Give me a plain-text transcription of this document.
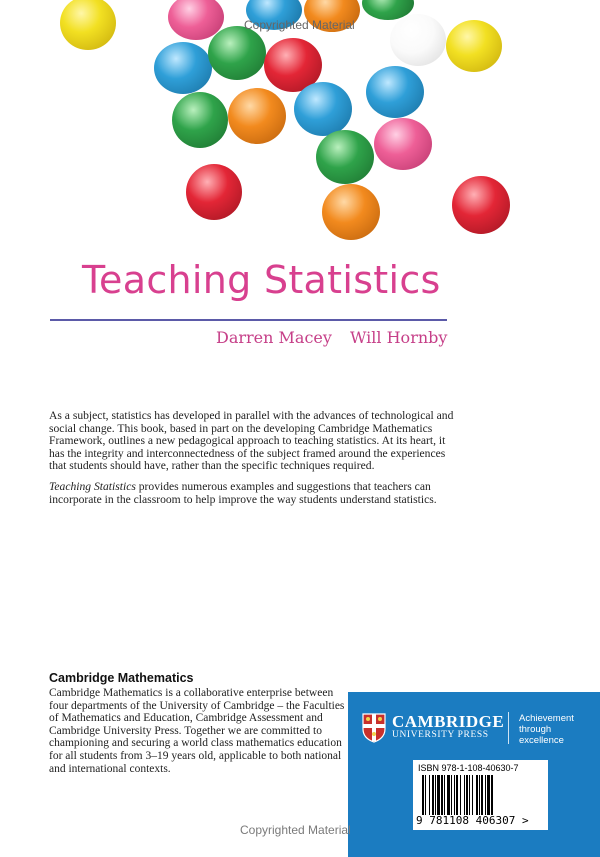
Copyrighted Material
Teaching Statistics
Darren Macey Will Hornby

As a subject, statistics has developed in parallel with the advances of technological and social change. This book, based in part on the developing Cambridge Mathematics Framework, outlines a new pedagogical approach to teaching statistics. At its heart, it has the integrity and interconnectedness of the subject framed around the experiences that students should have, rather than the specific techniques required.

Teaching Statistics provides numerous examples and suggestions that teachers can incorporate in the classroom to help improve the way students understand statistics.

Cambridge Mathematics
Cambridge Mathematics is a collaborative enterprise between four departments of the University of Cambridge – the Faculties of Mathematics and Education, Cambridge Assessment and Cambridge University Press. Together we are committed to championing and securing a world class mathematics education for all students from 3–19 years old, applicable to both national and international contexts.
CAMBRIDGE
UNIVERSITY PRESS
Achievement
through
excellence
ISBN 978-1-108-40630-7
9 781108 406307 >
Copyrighted Material
